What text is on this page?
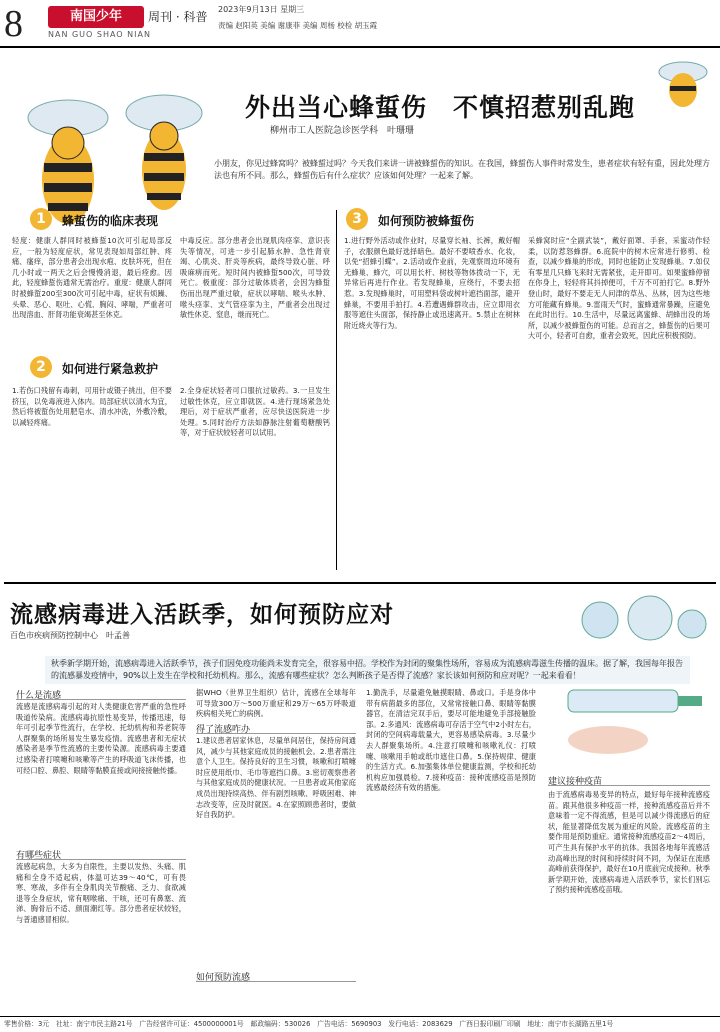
8	南国少年	周刊 · 科普
NAN GUO SHAO NIAN
2023年9月13日 星期三
责编 赵阳英 美编 谢康菲 美编 周杨 校检 胡玉霞
外出当心蜂蜇伤　不慎招惹别乱跑
柳州市工人医院急诊医学科　叶珊珊
小朋友，你见过蜂窝吗？被蜂蜇过吗？今天我们来讲一讲被蜂蜇伤的知识。在我国，蜂蜇伤人事件时常发生，患者症状有轻有重，因此处理方法也有所不同。那么，蜂蜇伤后有什么症状？应该如何处理？一起来了解。
1	蜂蜇伤的临床表现
轻度：健康人群同时被蜂蜇10次可引起局部反应，一般为轻度症状，常见表现如局部红肿、疼痛、瘙痒，部分患者会出现水疱、皮肤坏死，但在几小时或一两天之后会慢慢消退，最后痊愈。因此，轻度蜂蜇伤通常无需治疗。重度：健康人群同时被蜂蜇200至300次可引起中毒，症状有烦躁、头晕、恶心、呕吐、心慌、胸闷、哮喘，严重者可出现溶血、肝肾功能衰竭甚至休克。
中毒反应。部分患者会出现肌肉痉挛、意识丧失等情况，可进一步引起肺水肿、急性肾衰竭、心肌炎、肝炎等疾病，最终导致心脏、呼吸麻痹而死。短时间内被蜂蜇500次，可导致死亡。极重度：部分过敏体质者，会因为蜂蜇伤而出现严重过敏，症状以哮喘、喉头水肿、喉头痉挛、支气管痉挛为主，严重者会出现过敏性休克、窒息，继而死亡。
2	如何进行紧急救护
1.若伤口残留有毒刺，可用针或镊子挑出，但不要挤压，以免毒液进入体内。局部症状以清水为宜，然后将被蜇伤处用肥皂水、清水冲洗，外敷冷敷，以减轻疼痛。
2.全身症状轻者可口服抗过敏药。3.一旦发生过敏性休克，应立即就医。4.进行现场紧急处理后，对于症状严重者，应尽快送医院进一步处理。5.同时治疗方法如静脉注射葡萄糖酸钙等，对于症状较轻者可以试用。
3	如何预防被蜂蜇伤
1.进行野外活动或作业时，尽量穿长袖、长裤，戴好帽子，衣服颜色最好选择暗色。最好不要喷香水、化妆，以免“招蜂引蝶”。2.活动或作业前，先观察周边环境有无蜂巢、蜂穴，可以用长杆、树枝等物体拨动一下，无异常后再进行作业。若发现蜂巢，应绕行，不要去招惹。3.发现蜂巢时，可用塑料袋或树叶遮挡面部，避开蜂巢，不要用手拍打。4.若遭遇蜂群攻击，应立即用衣服等遮住头面部，保持静止或迅速离开。5.禁止在树林附近烧火等行为。
采蜂窝时应“全副武装”，戴好面罩、手套，采蜜动作轻柔，以防惹怒蜂群。6.庭院中的树木应常进行修剪、检查，以减少蜂巢的形成，同时也能防止发现蜂巢。7.如仅有零星几只蜂飞来时无需紧张，走开即可。如果蜜蜂停留在你身上，轻轻将其抖掉便可，千万不可拍打它。8.野外登山时，最好不要走无人问津的草丛、丛林，因为这些地方可能藏有蜂巢。9.雷雨天气时，蜜蜂通常暴躁，应避免在此时出行。10.生活中，尽量远离蜜蜂、胡蜂出没的场所，以减少被蜂蜇伤的可能。总而言之，蜂蜇伤的后果可大可小，轻者可自愈，重者会致死，因此应积极预防。
流感病毒进入活跃季，如何预防应对
百色市疾病预防控制中心　叶孟善
秋季新学期开始，流感病毒进入活跃季节，孩子们因免疫功能尚未发育完全，很容易中招。学校作为封闭的聚集性场所，容易成为流感病毒滋生传播的温床。据了解，我国每年报告的流感暴发疫情中，90%以上发生在学校和托幼机构。那么，流感有哪些症状？怎么判断孩子是否得了流感？家长该如何预防和应对呢？一起来看看！
什么是流感
流感是流感病毒引起的对人类健康危害严重的急性呼吸道传染病。流感病毒抗原性易变异，传播迅速，每年可引起季节性流行，在学校、托幼机构和养老院等人群聚集的场所易发生暴发疫情。流感患者和无症状感染者是季节性流感的主要传染源。流感病毒主要通过感染者打喷嚏和咳嗽等产生的呼吸道飞沫传播，也可经口腔、鼻腔、眼睛等黏膜直接或间接接触传播。
有哪些症状
流感起病急，大多为自限性，主要以发热、头痛、肌痛和全身不适起病，体温可达39～40℃，可有畏寒、寒战，多伴有全身肌肉关节酸痛、乏力、食欲减退等全身症状，常有咽喉痛、干咳，还可有鼻塞、流涕、胸骨后不适、颜面潮红等。部分患者症状较轻，与普通感冒相似。
据WHO（世界卫生组织）估计，流感在全球每年可导致300万～500万重症和29万～65万呼吸道疾病相关死亡的病例。
得了流感咋办
1.建议患者居家休息，尽量单间居住，保持房间通风，减少与其他家庭成员的接触机会。2.患者需注意个人卫生。保持良好的卫生习惯，咳嗽和打喷嚏时应使用纸巾、毛巾等遮挡口鼻。3.密切观察患者与其他家庭成员的健康状况。一旦患者或其他家庭成员出现持续高热、伴有剧烈咳嗽、呼吸困难、神志改变等，应及时就医。4.在家照顾患者时，要做好自我防护。
如何预防流感
1.勤洗手，尽量避免触摸眼睛、鼻或口。手是身体中带有病菌最多的部位，又常常接触口鼻、眼睛等黏膜器官，在清洁完双手后，要尽可能地避免手部接触脸部。2.多通风：流感病毒可存活于空气中2小时左右，封闭的空间病毒载量大，更容易感染病毒。3.尽量少去人群聚集场所。4.注意打喷嚏和咳嗽礼仪：打喷嚏、咳嗽用手帕或纸巾遮住口鼻。5.保持规律、健康的生活方式。6.加强集体单位健康监测，学校和托幼机构应加强晨检。7.接种疫苗：接种流感疫苗是预防流感最经济有效的措施。
建议接种疫苗
由于流感病毒易变异的特点，最好每年接种流感疫苗。跟其他很多种疫苗一样，接种流感疫苗后并不意味着一定不得流感，但是可以减少得流感后的症状，能显著降低发展为重症的风险。流感疫苗的主要作用是预防重症。通常接种流感疫苗2～4周后，可产生具有保护水平的抗体。我国各地每年流感活动高峰出现的时间和持续时间不同，为保证在流感高峰前获得保护，最好在10月底前完成接种。秋季新学期开始，流感病毒进入活跃季节，家长们别忘了预约接种流感疫苗哦。
零售价格：3元　社址：南宁市民主路21号　广告经营许可证：4500000001号　邮政编码：530026　广告电话：5690903　发行电话：2083629　广西日报印刷厂印刷　地址：南宁市长湖路五里1号
